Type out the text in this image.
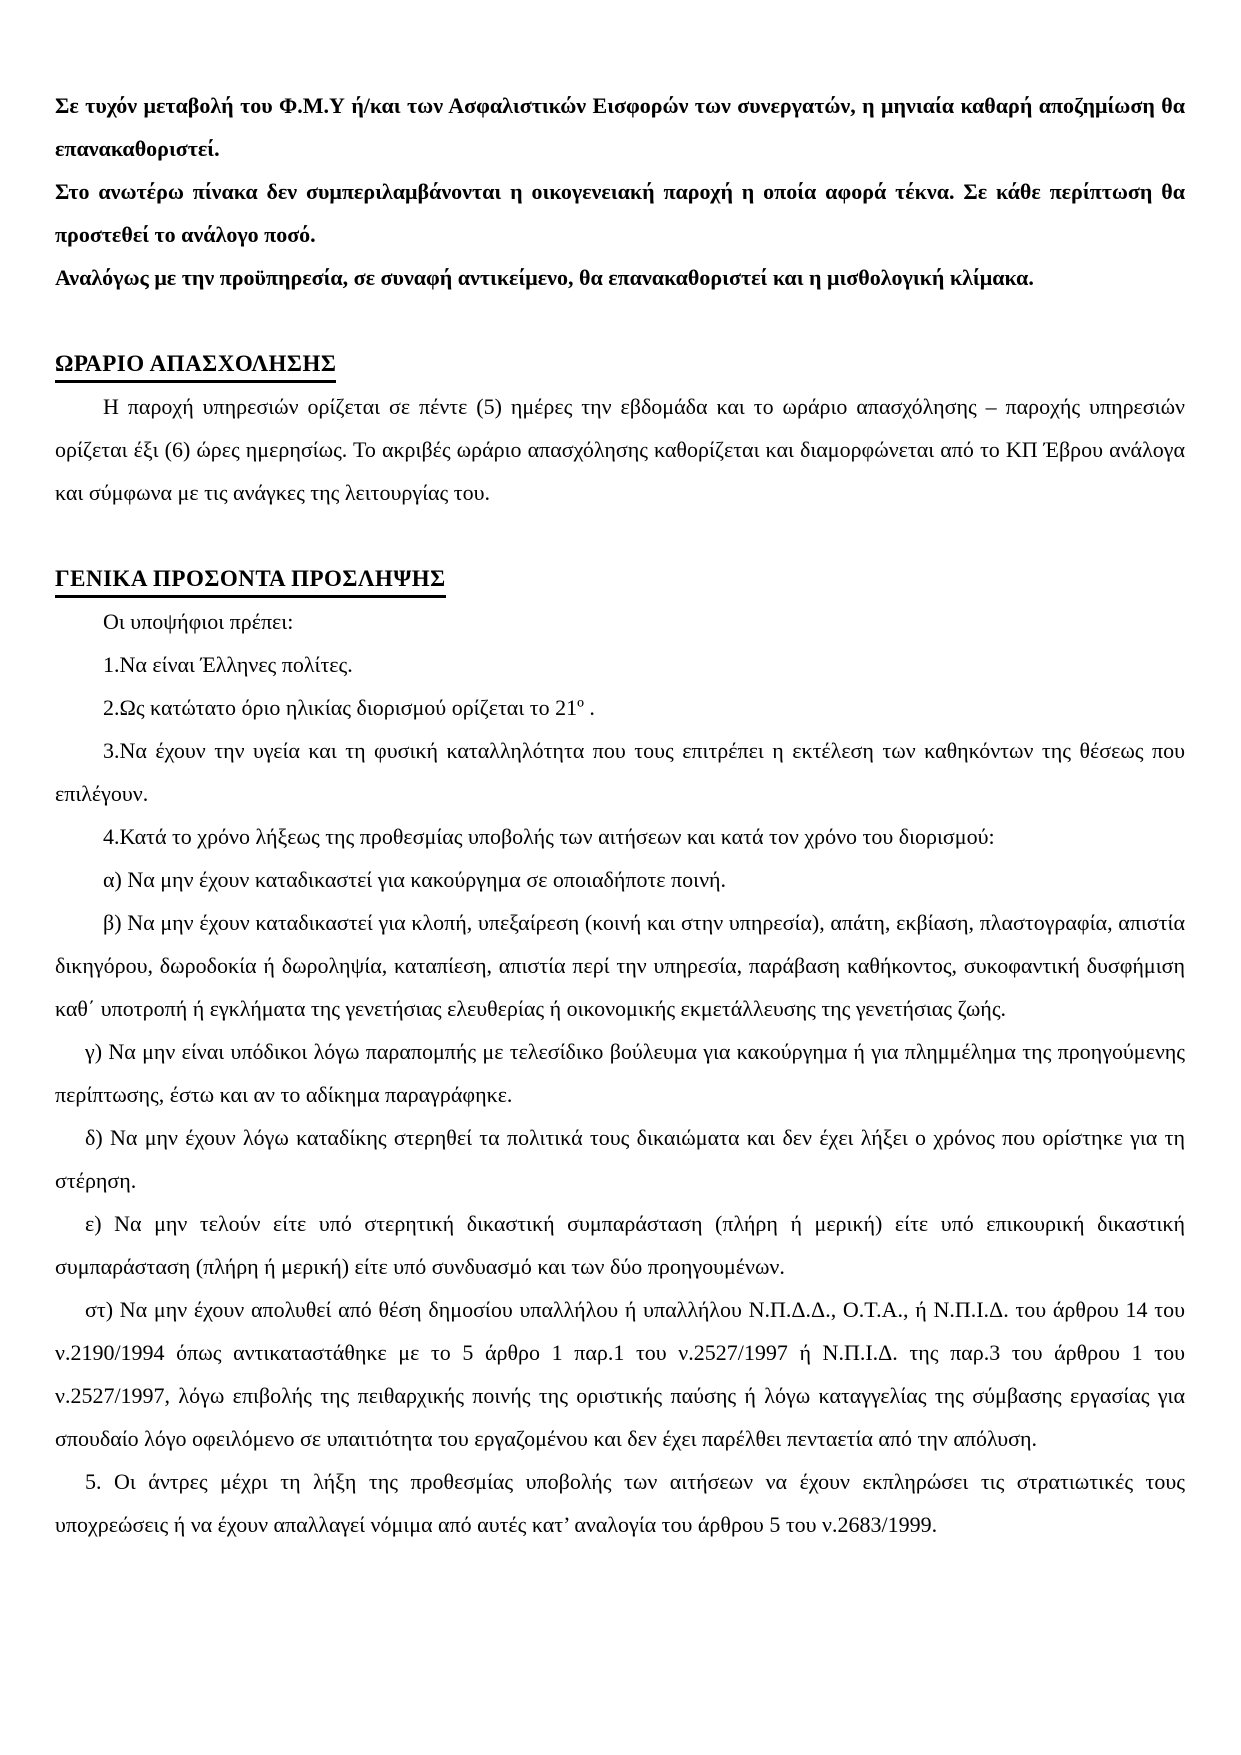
Σε τυχόν μεταβολή του Φ.Μ.Υ ή/και των Ασφαλιστικών Εισφορών των συνεργατών, η μηνιαία καθαρή αποζημίωση θα επανακαθοριστεί.

Στο ανωτέρω πίνακα δεν συμπεριλαμβάνονται η οικογενειακή παροχή η οποία αφορά τέκνα. Σε κάθε περίπτωση θα προστεθεί το ανάλογο ποσό.

Αναλόγως με την προϋπηρεσία, σε συναφή αντικείμενο, θα επανακαθοριστεί και η μισθολογική κλίμακα.

ΩΡΑΡΙΟ ΑΠΑΣΧΟΛΗΣΗΣ

Η παροχή υπηρεσιών ορίζεται σε πέντε (5) ημέρες την εβδομάδα και το ωράριο απασχόλησης – παροχής υπηρεσιών ορίζεται έξι (6) ώρες ημερησίως. Το ακριβές ωράριο απασχόλησης καθορίζεται και διαμορφώνεται από το ΚΠ Έβρου ανάλογα και σύμφωνα με τις ανάγκες της λειτουργίας του.

ΓΕΝΙΚΑ ΠΡΟΣΟΝΤΑ ΠΡΟΣΛΗΨΗΣ

Οι υποψήφιοι πρέπει:

1.Να είναι Έλληνες πολίτες.

2.Ως κατώτατο όριο ηλικίας διορισμού ορίζεται το 21º .

3.Να έχουν την υγεία και τη φυσική καταλληλότητα που τους επιτρέπει η εκτέλεση των καθηκόντων της θέσεως που επιλέγουν.

4.Κατά το χρόνο λήξεως της προθεσμίας υποβολής των αιτήσεων και κατά τον χρόνο του διορισμού:

α) Να μην έχουν καταδικαστεί για κακούργημα σε οποιαδήποτε ποινή.

β) Να μην έχουν καταδικαστεί για κλοπή, υπεξαίρεση (κοινή και στην υπηρεσία), απάτη, εκβίαση, πλαστογραφία, απιστία δικηγόρου, δωροδοκία ή δωροληψία, καταπίεση, απιστία περί την υπηρεσία, παράβαση καθήκοντος, συκοφαντική δυσφήμιση καθ΄ υποτροπή ή εγκλήματα της γενετήσιας ελευθερίας ή οικονομικής εκμετάλλευσης της γενετήσιας ζωής.

γ) Να μην είναι υπόδικοι λόγω παραπομπής με τελεσίδικο βούλευμα για κακούργημα ή για πλημμέλημα της προηγούμενης περίπτωσης, έστω και αν το αδίκημα παραγράφηκε.

δ) Να μην έχουν λόγω καταδίκης στερηθεί τα πολιτικά τους δικαιώματα και δεν έχει λήξει ο χρόνος που ορίστηκε για τη στέρηση.

ε) Να μην τελούν είτε υπό στερητική δικαστική συμπαράσταση (πλήρη ή μερική) είτε υπό επικουρική δικαστική συμπαράσταση (πλήρη ή μερική) είτε υπό συνδυασμό και των δύο προηγουμένων.

στ) Να μην έχουν απολυθεί από θέση δημοσίου υπαλλήλου ή υπαλλήλου Ν.Π.Δ.Δ., Ο.Τ.Α., ή Ν.Π.Ι.Δ. του άρθρου 14 του ν.2190/1994 όπως αντικαταστάθηκε με το 5 άρθρο 1 παρ.1 του ν.2527/1997 ή Ν.Π.Ι.Δ. της παρ.3 του άρθρου 1 του ν.2527/1997, λόγω επιβολής της πειθαρχικής ποινής της οριστικής παύσης ή λόγω καταγγελίας της σύμβασης εργασίας για σπουδαίο λόγο οφειλόμενο σε υπαιτιότητα του εργαζομένου και δεν έχει παρέλθει πενταετία από την απόλυση.

5. Οι άντρες μέχρι τη λήξη της προθεσμίας υποβολής των αιτήσεων να έχουν εκπληρώσει τις στρατιωτικές τους υποχρεώσεις ή να έχουν απαλλαγεί νόμιμα από αυτές κατ’ αναλογία του άρθρου 5 του ν.2683/1999.
